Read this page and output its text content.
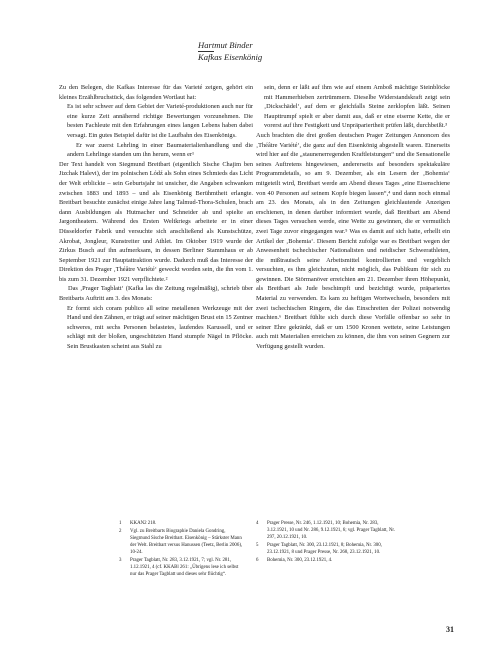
Hartmut Binder
Kafkas Eisenkönig

Zu den Belegen, die Kafkas Interesse für das Varieté zeigen, gehört ein kleines Erzählbruchstück, das folgenden Wortlaut hat:

Es ist sehr schwer auf dem Gebiet der Varieté-produktionen auch nur für eine kurze Zeit annähernd richtige Bewertungen vorzunehmen. Die besten Fachleute mit den Erfahrungen eines langen Lebens haben dabei versagt. Ein gutes Beispiel dafür ist die Laufbahn des Eisenkönigs.

Er war zuerst Lehrling in einer Baumaterialienhandlung und die andern Lehrlinge standen um ihn herum, wenn er¹

Der Text handelt von Siegmund Breitbart (eigentlich Sische Chajim ben Jizchak Halevi), der im polnischen Lódź als Sohn eines Schmieds das Licht der Welt erblickte – sein Geburtsjahr ist unsicher, die Angaben schwanken zwischen 1883 und 1893 – und als Eisenkönig Berühmtheit erlangte. Breitbart besuchte zunächst einige Jahre lang Talmud-Thora-Schulen, brach dann Ausbildungen als Hutmacher und Schneider ab und spielte an Jargontheatern. Während des Ersten Weltkriegs arbeitete er in einer Düsseldorfer Fabrik und versuchte sich anschließend als Kunstschütze, Akrobat, Jongleur, Kunstreiter und Athlet. Im Oktober 1919 wurde der Zirkus Busch auf ihn aufmerksam, in dessen Berliner Stammhaus er ab September 1921 zur Hauptattraktion wurde. Dadurch muß das Interesse der Direktion des Prager ‚Théâtre Variété‘ geweckt worden sein, die ihn vom 1. bis zum 31. Dezember 1921 verpflichtete.²

Das ‚Prager Tagblatt‘ (Kafka las die Zeitung regelmäßig), schrieb über Breitbarts Auftritt am 3. des Monats:

Er formt sich coram publico all seine metallenen Werkzeuge mit der Hand und den Zähnen, er trägt auf seiner mächtigen Brust ein 15 Zentner schweres, mit sechs Personen belastetes, laufendes Karussell, und er schlägt mit der bloßen, ungeschützten Hand stumpfe Nägel in Pflöcke. Sein Brustkasten scheint aus Stahl zu

sein, denn er läßt auf ihm wie auf einem Amboß mächtige Steinblöcke mit Hammerhieben zertrümmern. Dieselbe Widerstandskraft zeigt sein ‚Dickschädel‘, auf dem er gleichfalls Steine zerklopfen läßt. Seinen Haupttrumpf spielt er aber damit aus, daß er eine eiserne Kette, die er vorerst auf ihre Festigkeit und Unpräpariertheit prüfen läßt, durchbeißt.³

Auch brachten die drei großen deutschen Prager Zeitungen Annoncen des ‚Théâtre Variété‘, die ganz auf den Eisenkönig abgestellt waren. Einerseits wird hier auf die „staunenerregenden Kraftleistungen“ und die Sensationelle seines Auftretens hingewiesen, andererseits auf besonders spektakuläre Programmdetails, so am 9. Dezember, als ein Lesern der ‚Bohemia‘ mitgeteilt wird, Breitbart werde am Abend dieses Tages „eine Eisenschiene von 40 Personen auf seinem Kopfe biegen lassen“,⁴ und dann noch einmal am 23. des Monats, als in den Zeitungen gleichlautende Anzeigen erschienen, in denen darüber informiert wurde, daß Breitbart am Abend dieses Tages versuchen werde, eine Wette zu gewinnen, die er vermutlich zwei Tage zuvor eingegangen war.⁵ Was es damit auf sich hatte, erhellt ein Artikel der ‚Bohemia‘. Diesem Bericht zufolge war es Breitbart wegen der Anwesenheit tschechischer Nationalisten und neidischer Schwerathleten, die mißtrauisch seine Arbeitsmittel kontrollierten und vergeblich versuchten, es ihm gleichzutun, nicht möglich, das Publikum für sich zu gewinnen. Die Störmanöver erreichten am 21. Dezember ihren Höhepunkt, als Breitbart als Jude beschimpft und bezichtigt wurde, präpariertes Material zu verwenden. Es kam zu heftigen Wortwechseln, besonders mit zwei tschechischen Ringern, die das Einschreiten der Polizei notwendig machten.⁶ Breitbart fühlte sich durch diese Vorfälle offenbar so sehr in seiner Ehre gekränkt, daß er um 1500 Kronen wettete, seine Leistungen auch mit Materialien erreichen zu können, die ihm von seinen Gegnern zur Verfügung gestellt wurden.

1	KKAN2 218.
2	Vgl. zu Breitbarts Biographie Daniela Gondring, Siegmund Sische Breitbart. Eisenkönig – Stärkster Mann der Welt. Breitbart versus Hanussen (Teetz, Berlin 2006), 10-24.
3	Prager Tagblatt, Nr. 283, 3.12.1921, 7; vgl. Nr. 281, 1.12.1921, 4 (cf. KKABl 261: „Übrigens lese ich selbst nur das Prager Tagblatt und dieses sehr flüchtig“.
4	Prager Presse, Nr. 246, 1.12.1921, 10; Bohemia, Nr. 283, 3.12.1921, 10 und Nr. 286, 9.12.1921, 6; vgl. Prager Tagblatt, Nr. 297, 20.12.1921, 10.
5	Prager Tagblatt, Nr. 300, 23.12.1921, 8; Bohemia, Nr. 300, 23.12.1921, 8 und Prager Presse, Nr. 268, 23.12.1921, 10.
6	Bohemia, Nr. 300, 23.12.1921, 4.
31
